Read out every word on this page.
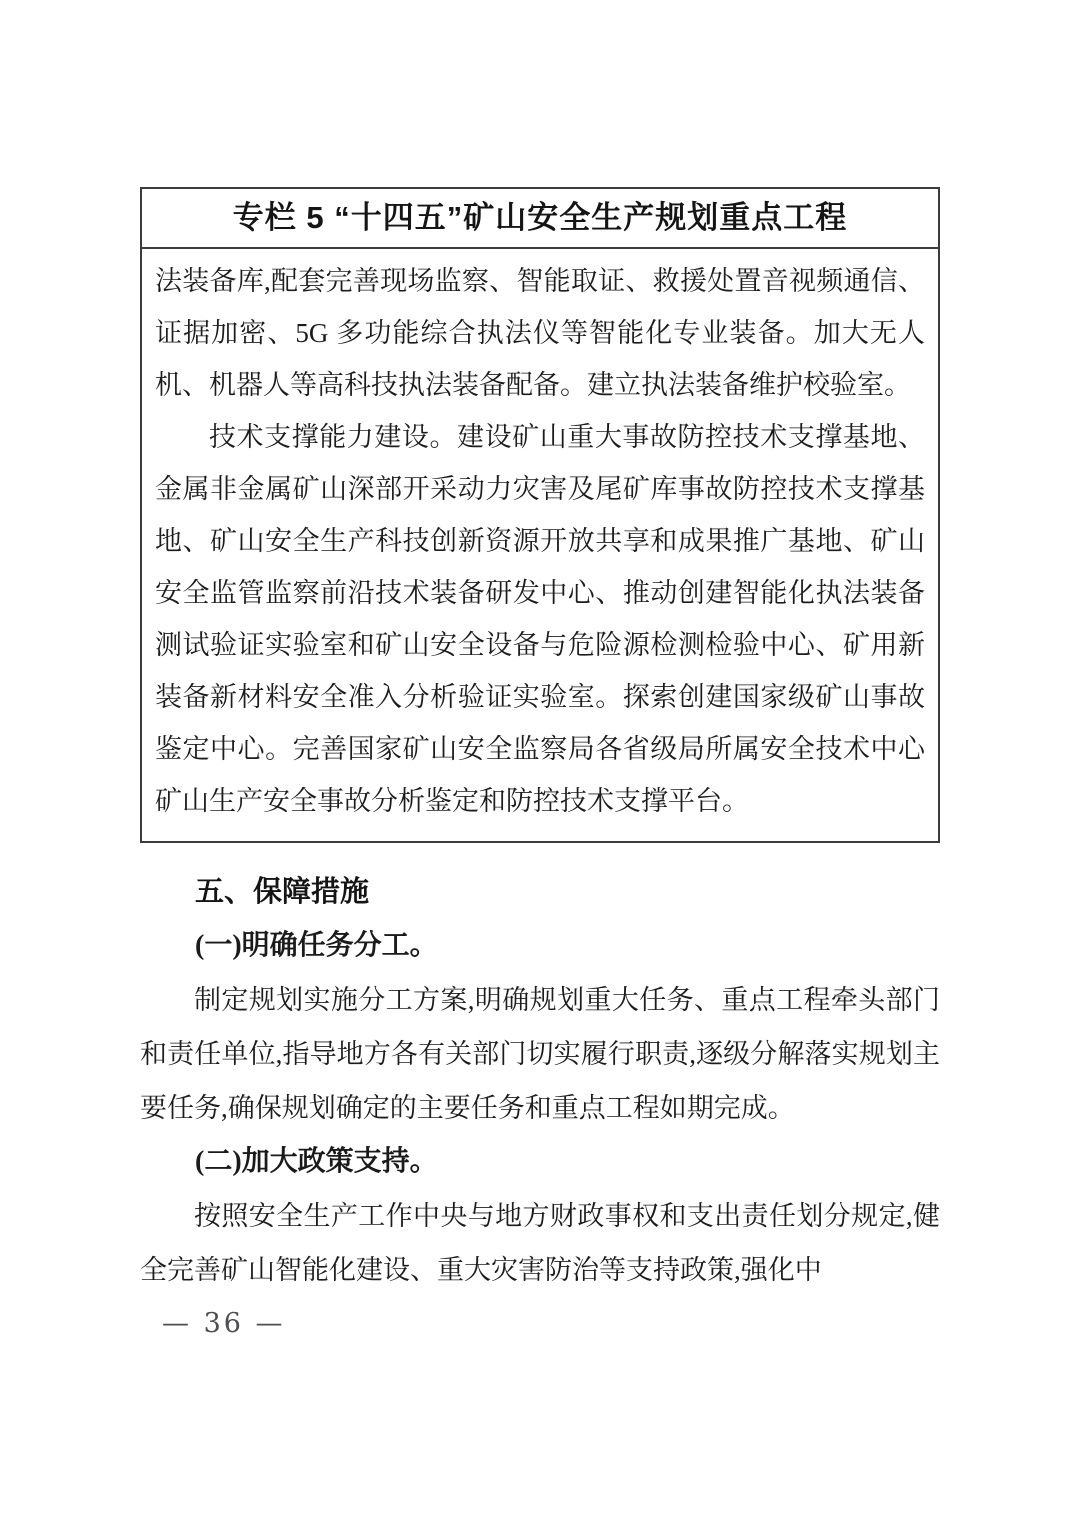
专栏 5 “十四五”矿山安全生产规划重点工程

法装备库,配套完善现场监察、智能取证、救援处置音视频通信、证据加密、5G 多功能综合执法仪等智能化专业装备。加大无人机、机器人等高科技执法装备配备。建立执法装备维护校验室。

技术支撑能力建设。建设矿山重大事故防控技术支撑基地、金属非金属矿山深部开采动力灾害及尾矿库事故防控技术支撑基地、矿山安全生产科技创新资源开放共享和成果推广基地、矿山安全监管监察前沿技术装备研发中心、推动创建智能化执法装备测试验证实验室和矿山安全设备与危险源检测检验中心、矿用新装备新材料安全准入分析验证实验室。探索创建国家级矿山事故鉴定中心。完善国家矿山安全监察局各省级局所属安全技术中心矿山生产安全事故分析鉴定和防控技术支撑平台。

五、保障措施
(一)明确任务分工。

制定规划实施分工方案,明确规划重大任务、重点工程牵头部门和责任单位,指导地方各有关部门切实履行职责,逐级分解落实规划主要任务,确保规划确定的主要任务和重点工程如期完成。

(二)加大政策支持。

按照安全生产工作中央与地方财政事权和支出责任划分规定,健全完善矿山智能化建设、重大灾害防治等支持政策,强化中

— 36 —
